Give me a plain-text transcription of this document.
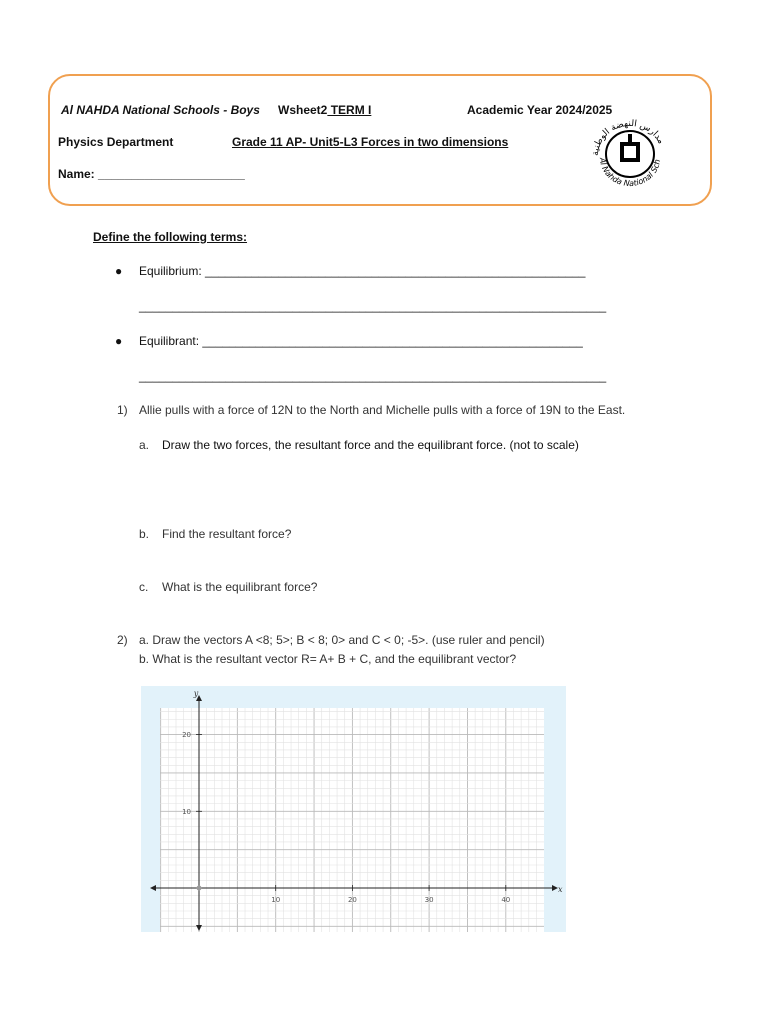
Al NAHDA National Schools - Boys Wsheet2 TERM I	Academic Year 2024/2025
Physics Department	Grade 11 AP- Unit5-L3 Forces in two dimensions
Name: ______________________
مدارس النهضة الوطنية
Al Nahda National Sch
Define the following terms:
● Equilibrium: _________________________________________________________
______________________________________________________________________
● Equilibrant: _________________________________________________________
______________________________________________________________________
1) Allie pulls with a force of 12N to the North and Michelle pulls with a force of 19N to the East.
a. Draw the two forces, the resultant force and the equilibrant force. (not to scale)
b. Find the resultant force?
c. What is the equilibrant force?
2) a. Draw the vectors A <8; 5>; B < 8; 0> and C < 0; -5>. (use ruler and pencil)
b. What is the resultant vector R= A+ B + C, and the equilibrant vector?
10	20	30	40
10
20
x
y
